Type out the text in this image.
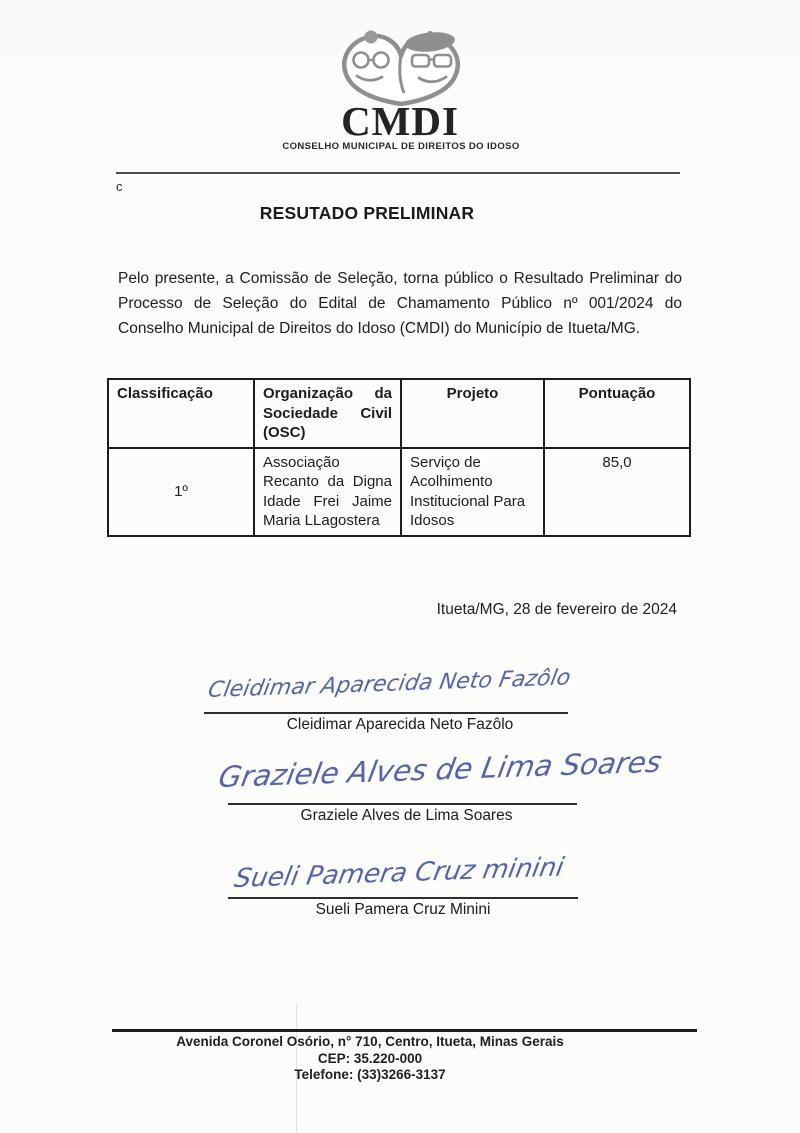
CMDI
CONSELHO MUNICIPAL DE DIREITOS DO IDOSO
c
RESUTADO PRELIMINAR
Pelo presente, a Comissão de Seleção, torna público o Resultado Preliminar do Processo de Seleção do Edital de Chamamento Público nº 001/2024 do Conselho Municipal de Direitos do Idoso (CMDI) do Município de Itueta/MG.
Classificação	Organização da Sociedade Civil (OSC)	Projeto	Pontuação
1º	Associação Recanto da Digna Idade Frei Jaime Maria LLagostera	Serviço de Acolhimento Institucional Para Idosos	85,0
Itueta/MG, 28 de fevereiro de 2024
Cleidimar Aparecida Neto Fazôlo
Cleidimar Aparecida Neto Fazôlo
Graziele Alves de Lima Soares
Graziele Alves de Lima Soares
Sueli Pamera Cruz minini
Sueli Pamera Cruz Minini
Avenida Coronel Osório, n° 710, Centro, Itueta, Minas Gerais
CEP: 35.220-000
Telefone: (33)3266-3137
